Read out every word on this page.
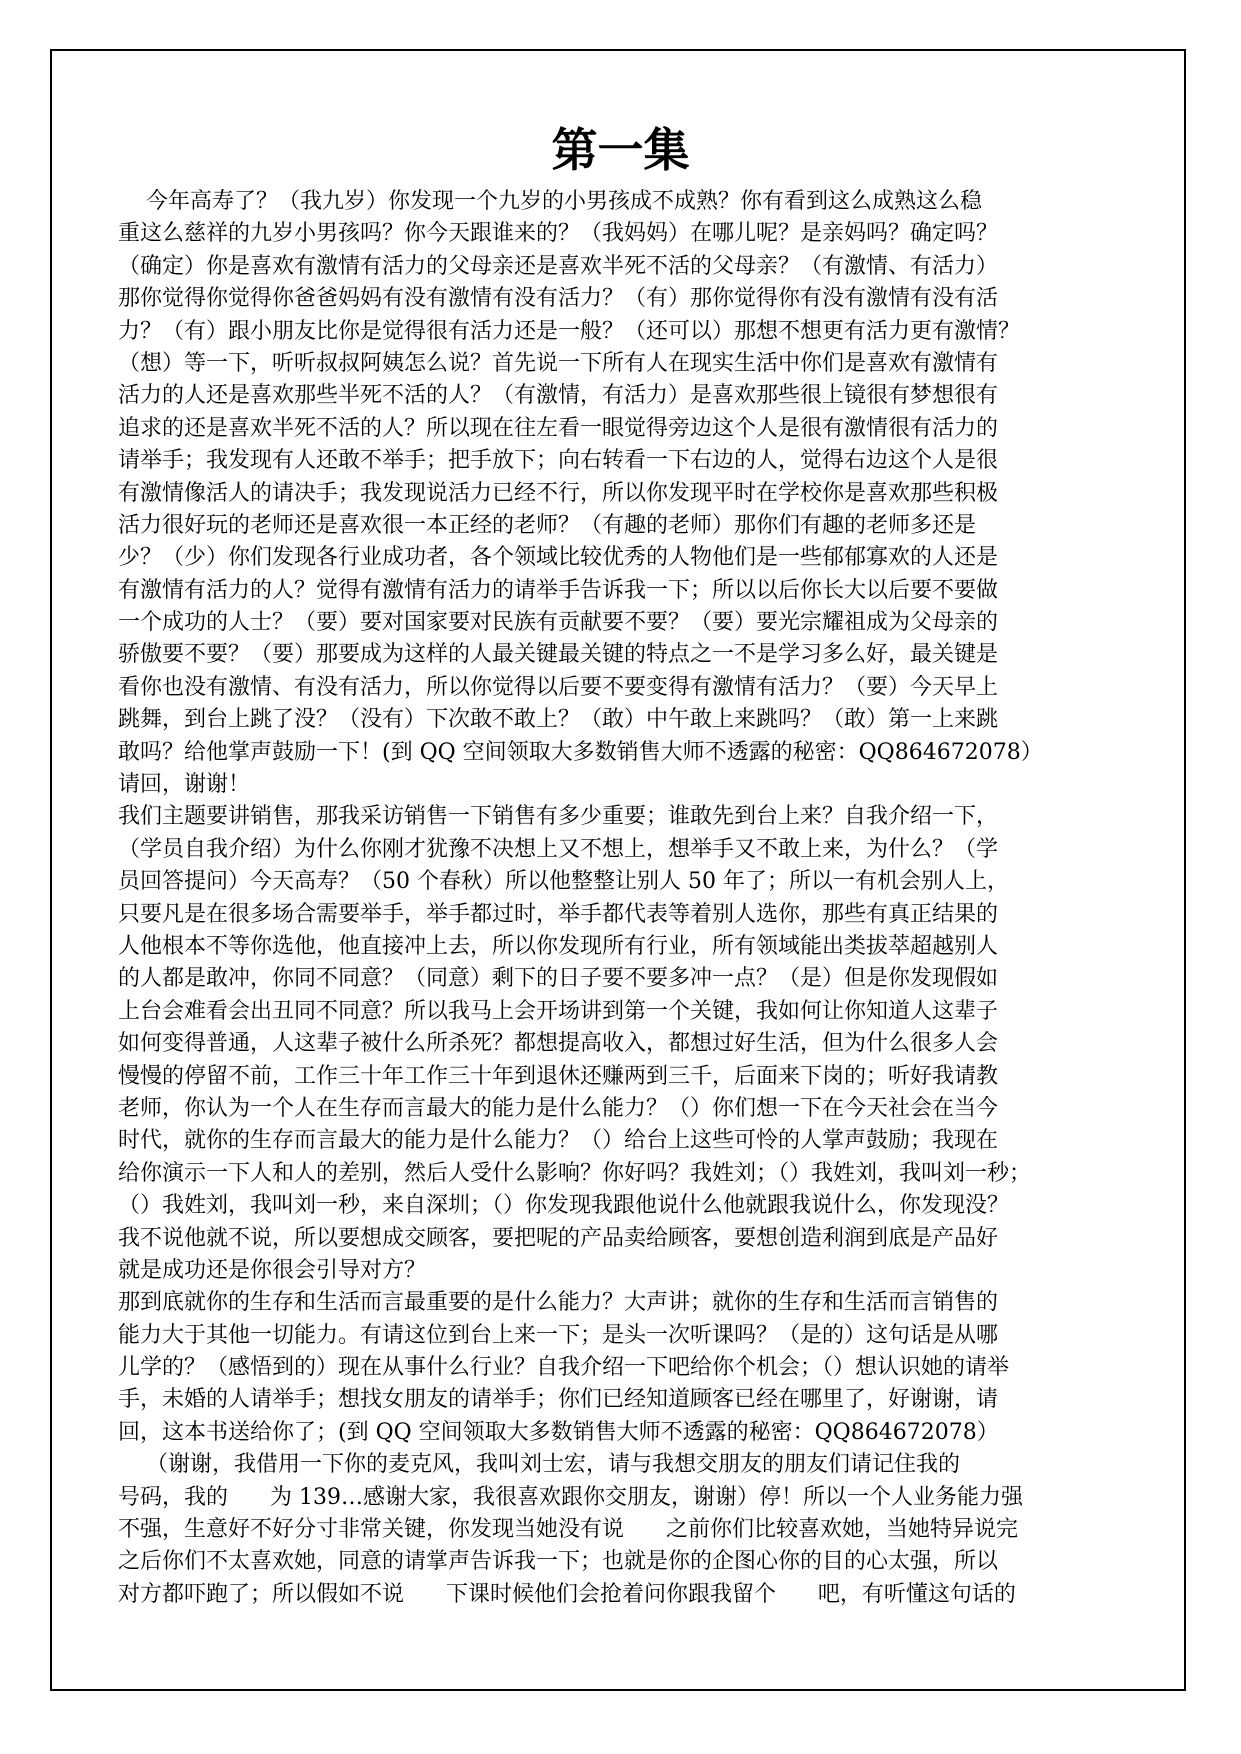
第一集
今年高寿了？（我九岁）你发现一个九岁的小男孩成不成熟？你有看到这么成熟这么稳
重这么慈祥的九岁小男孩吗？你今天跟谁来的？（我妈妈）在哪儿呢？是亲妈吗？确定吗？
（确定）你是喜欢有激情有活力的父母亲还是喜欢半死不活的父母亲？（有激情、有活力）
那你觉得你觉得你爸爸妈妈有没有激情有没有活力？（有）那你觉得你有没有激情有没有活
力？（有）跟小朋友比你是觉得很有活力还是一般？（还可以）那想不想更有活力更有激情？
（想）等一下，听听叔叔阿姨怎么说？首先说一下所有人在现实生活中你们是喜欢有激情有
活力的人还是喜欢那些半死不活的人？（有激情，有活力）是喜欢那些很上镜很有梦想很有
追求的还是喜欢半死不活的人？所以现在往左看一眼觉得旁边这个人是很有激情很有活力的
请举手；我发现有人还敢不举手；把手放下；向右转看一下右边的人，觉得右边这个人是很
有激情像活人的请决手；我发现说活力已经不行，所以你发现平时在学校你是喜欢那些积极
活力很好玩的老师还是喜欢很一本正经的老师？（有趣的老师）那你们有趣的老师多还是
少？（少）你们发现各行业成功者，各个领域比较优秀的人物他们是一些郁郁寡欢的人还是
有激情有活力的人？觉得有激情有活力的请举手告诉我一下；所以以后你长大以后要不要做
一个成功的人士？（要）要对国家要对民族有贡献要不要？（要）要光宗耀祖成为父母亲的
骄傲要不要？（要）那要成为这样的人最关键最关键的特点之一不是学习多么好，最关键是
看你也没有激情、有没有活力，所以你觉得以后要不要变得有激情有活力？（要）今天早上
跳舞，到台上跳了没？（没有）下次敢不敢上？（敢）中午敢上来跳吗？（敢）第一上来跳
敢吗？给他掌声鼓励一下！(到 QQ 空间领取大多数销售大师不透露的秘密：QQ864672078）
请回，谢谢！
我们主题要讲销售，那我采访销售一下销售有多少重要；谁敢先到台上来？自我介绍一下，
（学员自我介绍）为什么你刚才犹豫不决想上又不想上，想举手又不敢上来，为什么？（学
员回答提问）今天高寿？（50 个春秋）所以他整整让别人 50 年了；所以一有机会别人上，
只要凡是在很多场合需要举手，举手都过时，举手都代表等着别人选你，那些有真正结果的
人他根本不等你选他，他直接冲上去，所以你发现所有行业，所有领域能出类拔萃超越别人
的人都是敢冲，你同不同意？（同意）剩下的日子要不要多冲一点？（是）但是你发现假如
上台会难看会出丑同不同意？所以我马上会开场讲到第一个关键，我如何让你知道人这辈子
如何变得普通，人这辈子被什么所杀死？都想提高收入，都想过好生活，但为什么很多人会
慢慢的停留不前，工作三十年工作三十年到退休还赚两到三千，后面来下岗的；听好我请教
老师，你认为一个人在生存而言最大的能力是什么能力？（）你们想一下在今天社会在当今
时代，就你的生存而言最大的能力是什么能力？（）给台上这些可怜的人掌声鼓励；我现在
给你演示一下人和人的差别，然后人受什么影响？你好吗？我姓刘；（）我姓刘，我叫刘一秒；
（）我姓刘，我叫刘一秒，来自深圳；（）你发现我跟他说什么他就跟我说什么，你发现没？
我不说他就不说，所以要想成交顾客，要把呢的产品卖给顾客，要想创造利润到底是产品好
就是成功还是你很会引导对方？
那到底就你的生存和生活而言最重要的是什么能力？大声讲；就你的生存和生活而言销售的
能力大于其他一切能力。有请这位到台上来一下；是头一次听课吗？（是的）这句话是从哪
儿学的？（感悟到的）现在从事什么行业？自我介绍一下吧给你个机会；（）想认识她的请举
手，未婚的人请举手；想找女朋友的请举手；你们已经知道顾客已经在哪里了，好谢谢，请
回，这本书送给你了；(到 QQ 空间领取大多数销售大师不透露的秘密：QQ864672078）
（谢谢，我借用一下你的麦克风，我叫刘士宏，请与我想交朋友的朋友们请记住我的
号码，我的      为 139…感谢大家，我很喜欢跟你交朋友，谢谢）停！所以一个人业务能力强
不强，生意好不好分寸非常关键，你发现当她没有说      之前你们比较喜欢她，当她特异说完
之后你们不太喜欢她，同意的请掌声告诉我一下；也就是你的企图心你的目的心太强，所以
对方都吓跑了；所以假如不说      下课时候他们会抢着问你跟我留个      吧，有听懂这句话的
